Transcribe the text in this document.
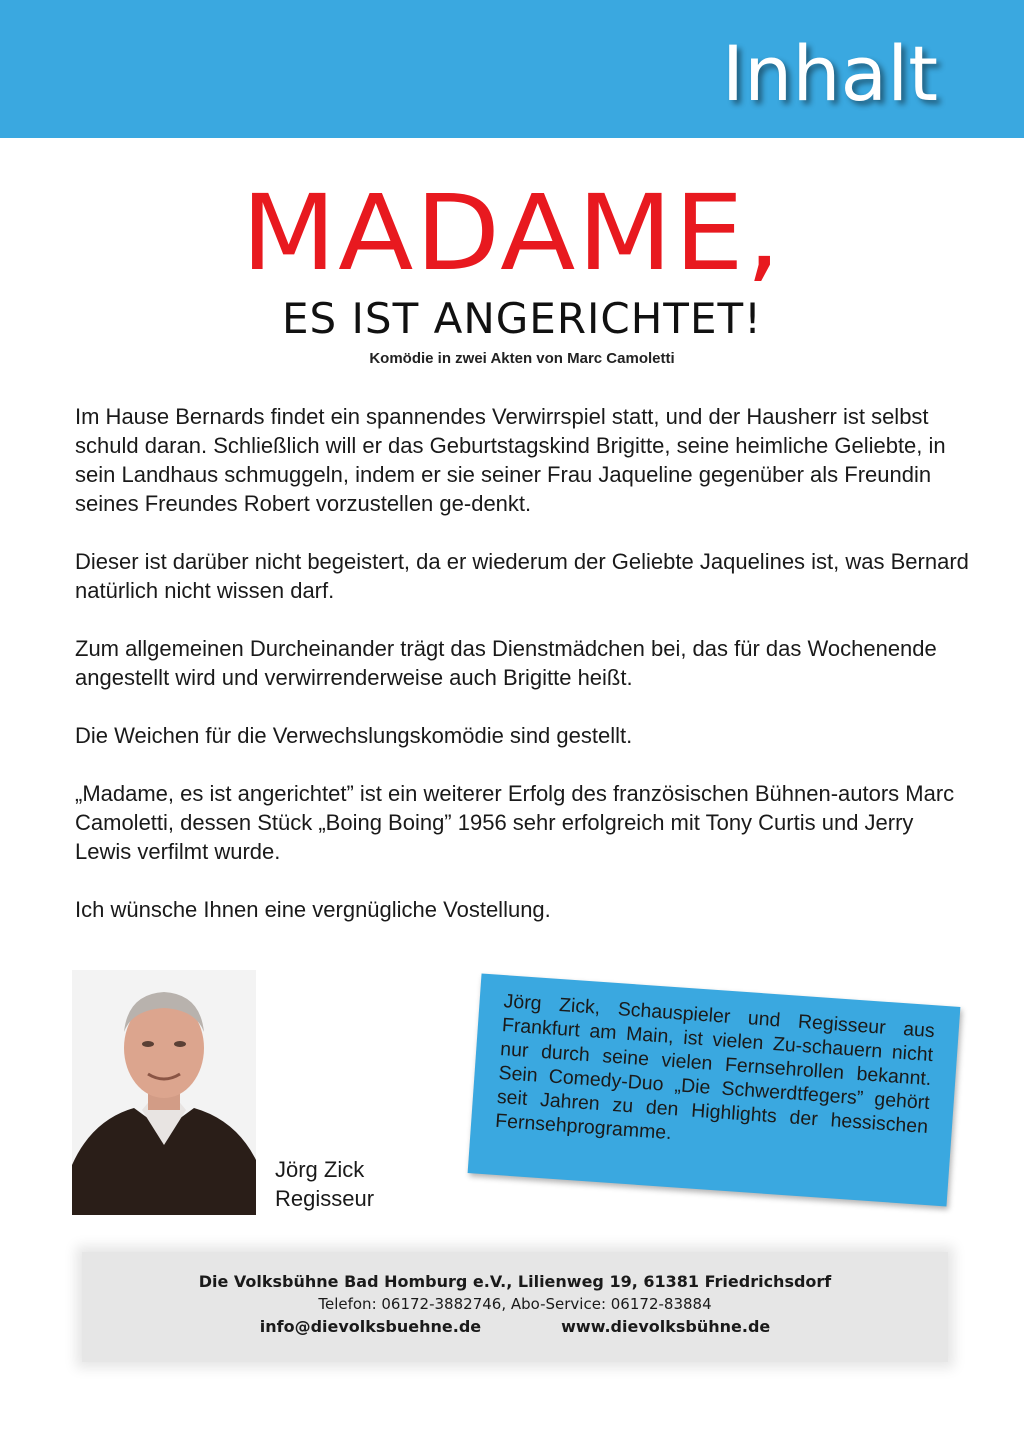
Inhalt
MADAME,
ES IST ANGERICHTET!
Komödie in zwei Akten von Marc Camoletti

Im Hause Bernards findet ein spannendes Verwirrspiel statt, und der Hausherr ist selbst schuld daran. Schließlich will er das Geburtstagskind Brigitte, seine heimliche Geliebte, in sein Landhaus schmuggeln, indem er sie seiner Frau Jaqueline gegenüber als Freundin seines Freundes Robert vorzustellen ge-denkt.

Dieser ist darüber nicht begeistert, da er wiederum der Geliebte Jaquelines ist, was Bernard natürlich nicht wissen darf.

Zum allgemeinen Durcheinander trägt das Dienstmädchen bei, das für das Wochenende angestellt wird und verwirrenderweise auch Brigitte heißt.

Die Weichen für die Verwechslungskomödie sind gestellt.

„Madame, es ist angerichtet” ist ein weiterer Erfolg des französischen Bühnen-autors Marc Camoletti, dessen Stück „Boing Boing” 1956 sehr erfolgreich mit Tony Curtis und Jerry Lewis verfilmt wurde.

Ich wünsche Ihnen eine vergnügliche Vostellung.

Jörg Zick
Regisseur
Jörg Zick, Schauspieler und Regisseur aus Frankfurt am Main, ist vielen Zu-schauern nicht nur durch seine vielen Fernsehrollen bekannt. Sein Comedy-Duo „Die Schwerdtfegers” gehört seit Jahren zu den Highlights der hessischen Fernsehprogramme.
Die Volksbühne Bad Homburg e.V., Lilienweg 19, 61381 Friedrichsdorf
Telefon: 06172-3882746, Abo-Service: 06172-83884
info@dievolksbuehne.de	www.dievolksbühne.de
